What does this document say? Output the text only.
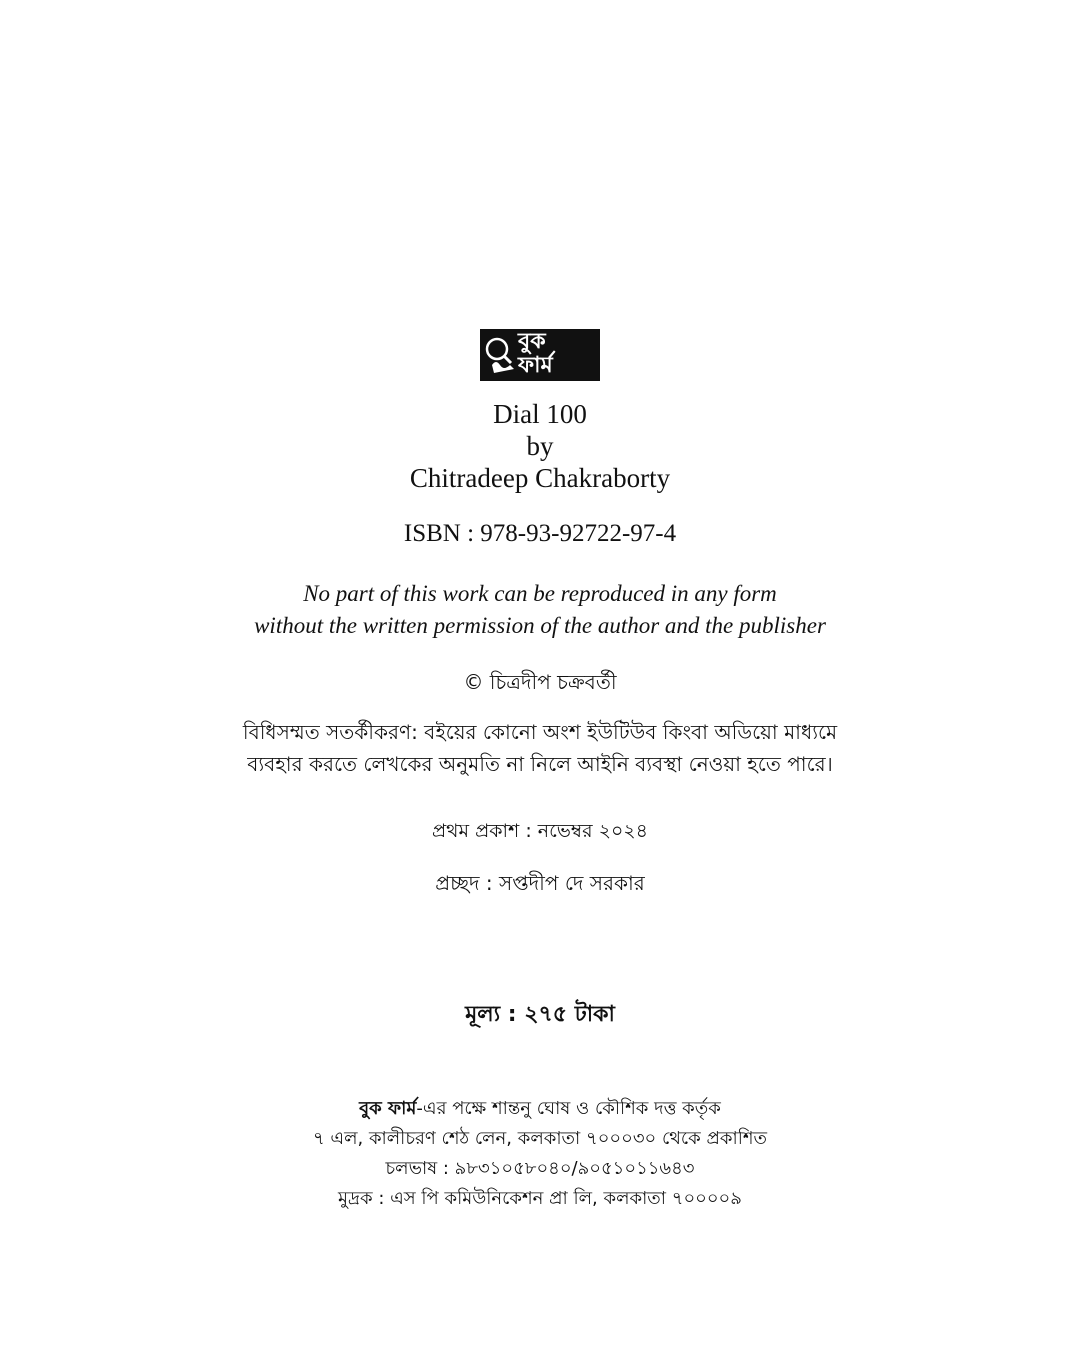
বুক
ফার্ম
Dial 100
by
Chitradeep Chakraborty
ISBN : 978-93-92722-97-4
No part of this work can be reproduced in any form
without the written permission of the author and the publisher
© চিত্রদীপ চক্রবর্তী
বিধিসম্মত সতর্কীকরণ: বইয়ের কোনো অংশ ইউটিউব কিংবা অডিয়ো মাধ্যমে
ব্যবহার করতে লেখকের অনুমতি না নিলে আইনি ব্যবস্থা নেওয়া হতে পারে।
প্রথম প্রকাশ : নভেম্বর ২০২৪
প্রচ্ছদ : সপ্তদীপ দে সরকার
মূল্য : ২৭৫ টাকা
বুক ফার্ম-এর পক্ষে শান্তনু ঘোষ ও কৌশিক দত্ত কর্তৃক
৭ এল, কালীচরণ শেঠ লেন, কলকাতা ৭০০০৩০ থেকে প্রকাশিত
চলভাষ : ৯৮৩১০৫৮০৪০/৯০৫১০১১৬৪৩
মুদ্রক : এস পি কমিউনিকেশন প্রা লি, কলকাতা ৭০০০০৯
